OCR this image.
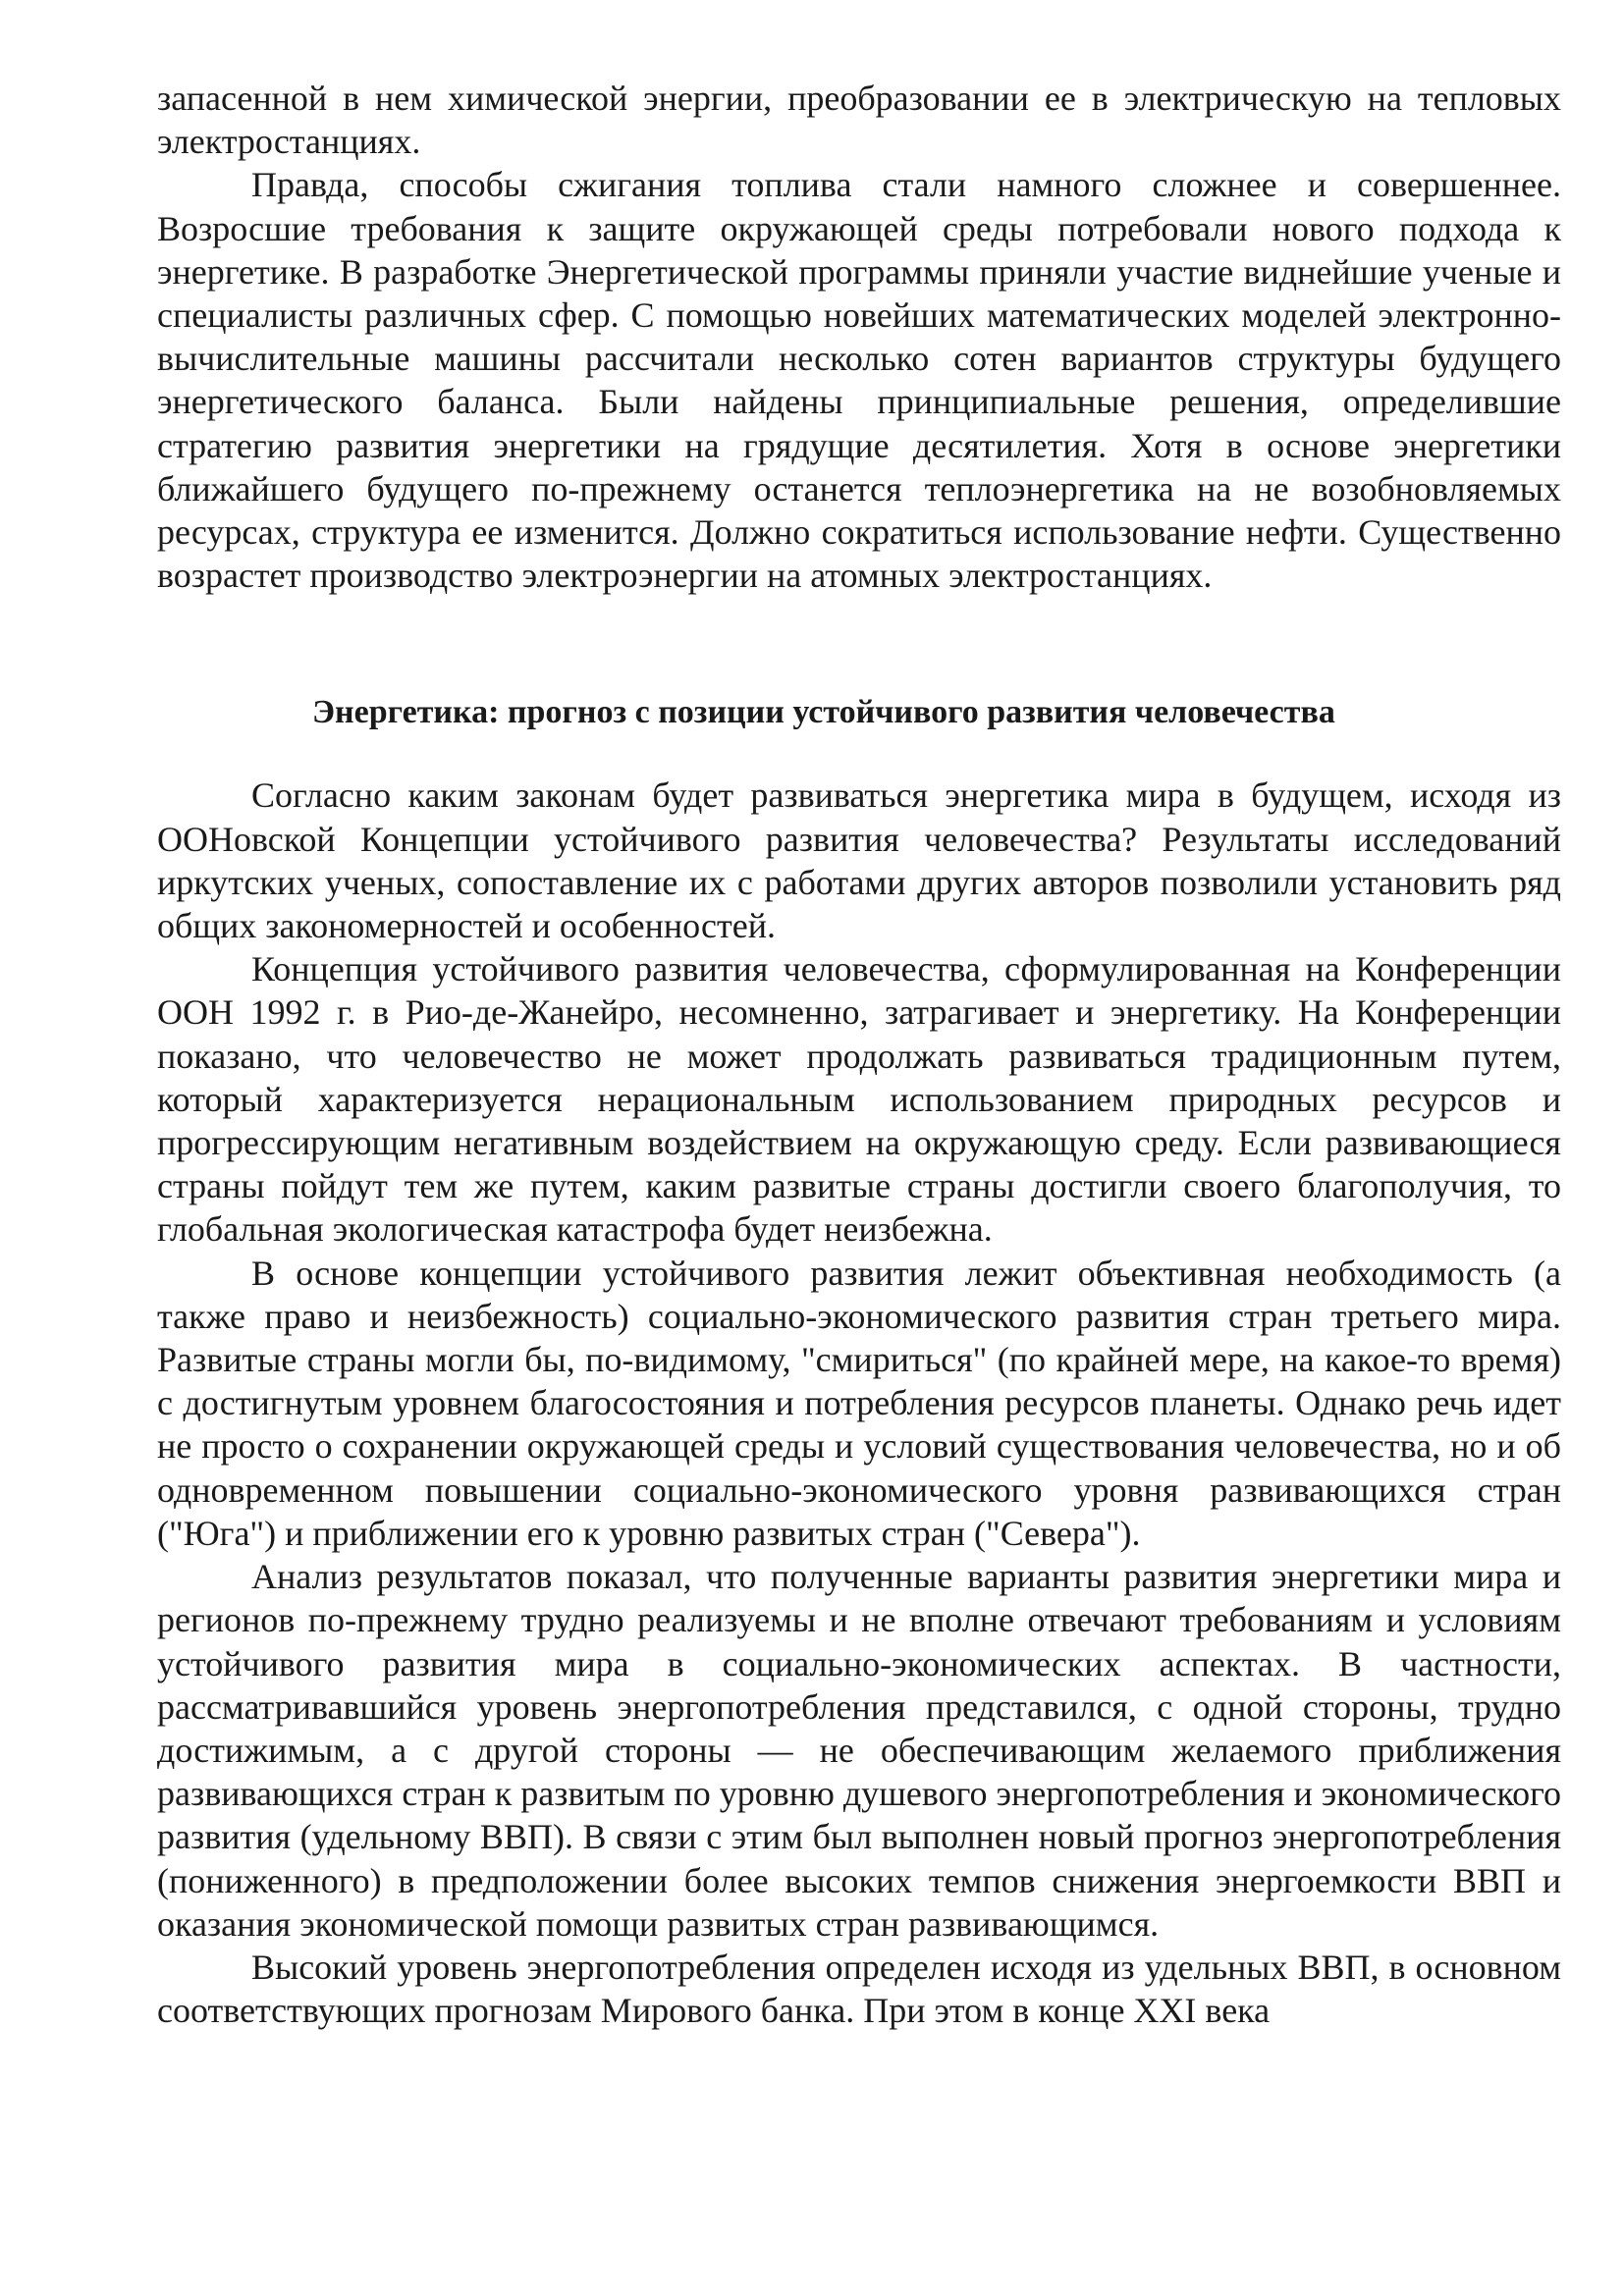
запасенной в нем химической энергии, преобразовании ее в электрическую на тепловых электростанциях.

Правда, способы сжигания топлива стали намного сложнее и совершеннее. Возросшие требования к защите окружающей среды потребовали нового подхода к энергетике. В разработке Энергетической программы приняли участие виднейшие ученые и специалисты различных сфер. С помощью новейших математических моделей электронно-вычислительные машины рассчитали несколько сотен вариантов структуры будущего энергетического баланса. Были найдены принципиальные решения, определившие стратегию развития энергетики на грядущие десятилетия. Хотя в основе энергетики ближайшего будущего по-прежнему останется теплоэнергетика на не возобновляемых ресурсах, структура ее изменится. Должно сократиться использование нефти. Существенно возрастет производство электроэнергии на атомных электростанциях.

Энергетика: прогноз с позиции устойчивого развития человечества

Согласно каким законам будет развиваться энергетика мира в будущем, исходя из ООНовской Концепции устойчивого развития человечества? Результаты исследований иркутских ученых, сопоставление их с работами других авторов позволили установить ряд общих закономерностей и особенностей.

Концепция устойчивого развития человечества, сформулированная на Конференции ООН 1992 г. в Рио-де-Жанейро, несомненно, затрагивает и энергетику. На Конференции показано, что человечество не может продолжать развиваться традиционным путем, который характеризуется нерациональным использованием природных ресурсов и прогрессирующим негативным воздействием на окружающую среду. Если развивающиеся страны пойдут тем же путем, каким развитые страны достигли своего благополучия, то глобальная экологическая катастрофа будет неизбежна.

В основе концепции устойчивого развития лежит объективная необходимость (а также право и неизбежность) социально-экономического развития стран третьего мира. Развитые страны могли бы, по-видимому, "смириться" (по крайней мере, на какое-то время) с достигнутым уровнем благосостояния и потребления ресурсов планеты. Однако речь идет не просто о сохранении окружающей среды и условий существования человечества, но и об одновременном повышении социально-экономического уровня развивающихся стран ("Юга") и приближении его к уровню развитых стран ("Севера").

Анализ результатов показал, что полученные варианты развития энергетики мира и регионов по-прежнему трудно реализуемы и не вполне отвечают требованиям и условиям устойчивого развития мира в социально-экономических аспектах. В частности, рассматривавшийся уровень энергопотребления представился, с одной стороны, трудно достижимым, а с другой стороны — не обеспечивающим желаемого приближения развивающихся стран к развитым по уровню душевого энергопотребления и экономического развития (удельному ВВП). В связи с этим был выполнен новый прогноз энергопотребления (пониженного) в предположении более высоких темпов снижения энергоемкости ВВП и оказания экономической помощи развитых стран развивающимся.

Высокий уровень энергопотребления определен исходя из удельных ВВП, в основном соответствующих прогнозам Мирового банка. При этом в конце XXI века
